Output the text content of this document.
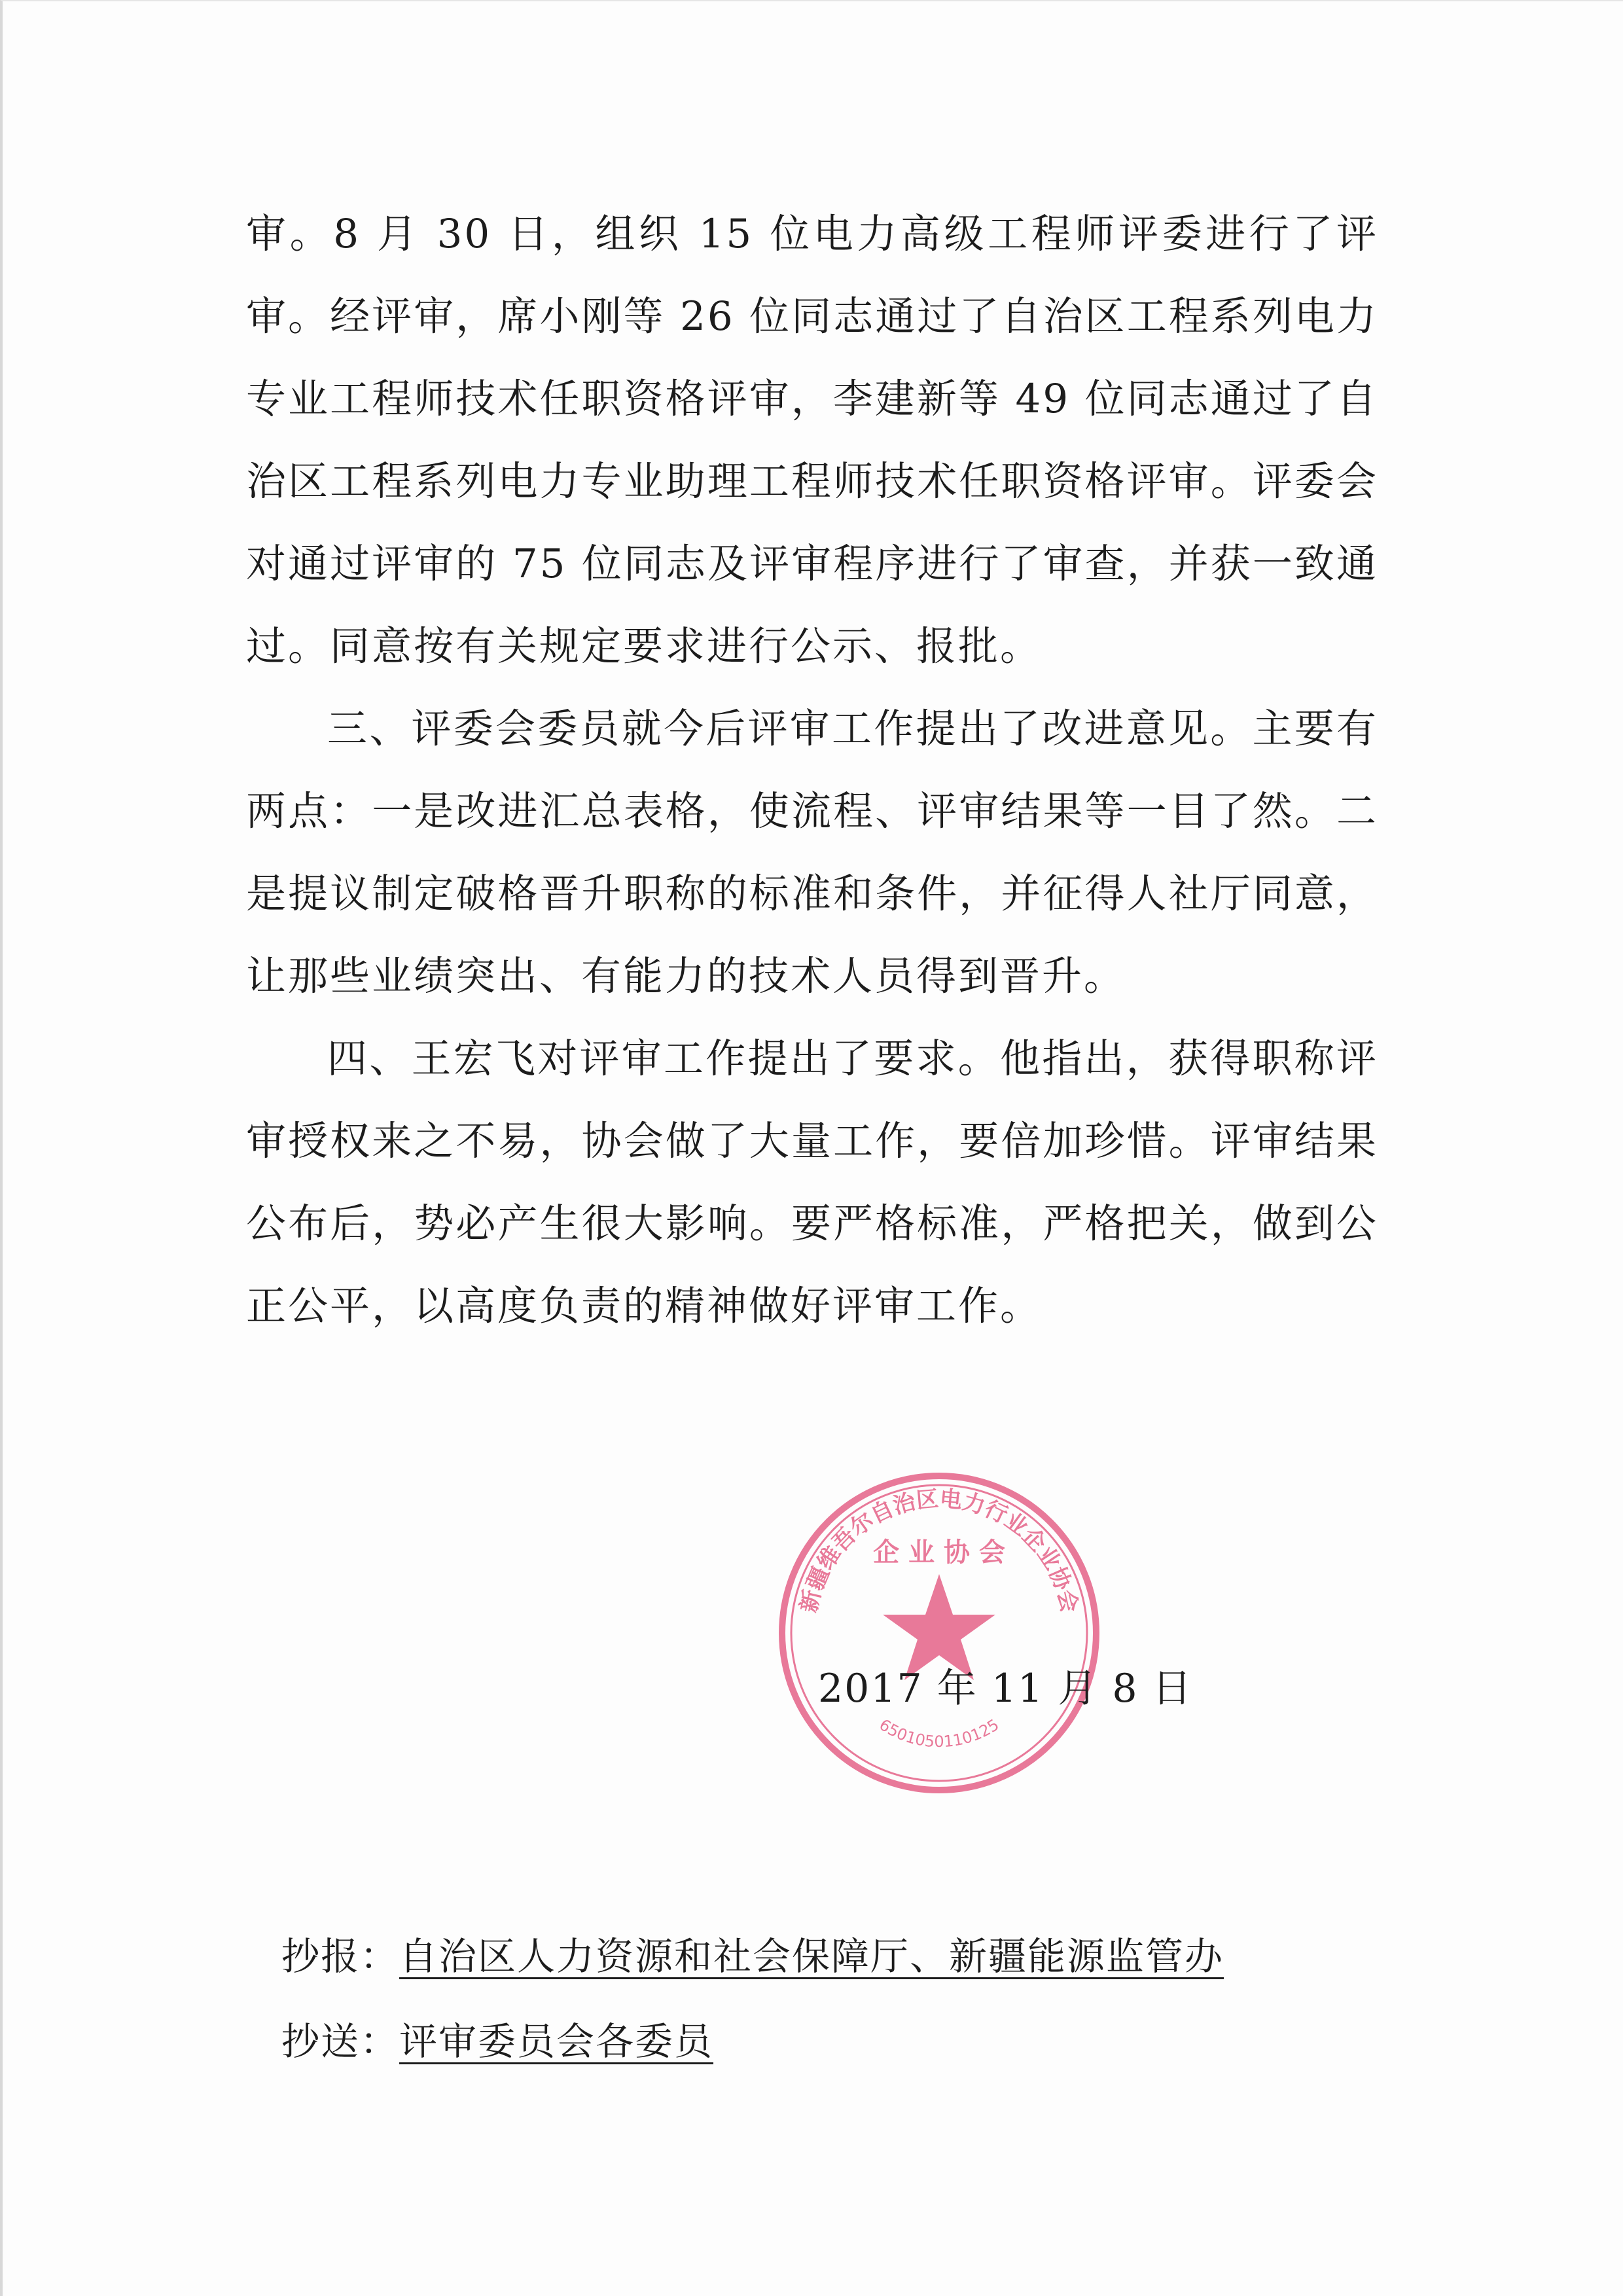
审。8 月 30 日，组织 15 位电力高级工程师评委进行了评审。经评审，席小刚等 26 位同志通过了自治区工程系列电力专业工程师技术任职资格评审，李建新等 49 位同志通过了自治区工程系列电力专业助理工程师技术任职资格评审。评委会对通过评审的 75 位同志及评审程序进行了审查，并获一致通过。同意按有关规定要求进行公示、报批。

三、评委会委员就今后评审工作提出了改进意见。主要有两点：一是改进汇总表格，使流程、评审结果等一目了然。二是提议制定破格晋升职称的标准和条件，并征得人社厅同意，让那些业绩突出、有能力的技术人员得到晋升。

四、王宏飞对评审工作提出了要求。他指出，获得职称评审授权来之不易，协会做了大量工作，要倍加珍惜。评审结果公布后，势必产生很大影响。要严格标准，严格把关，做到公正公平，以高度负责的精神做好评审工作。

新疆维吾尔自治区电力行业企业协会
企 业 协 会
6501050110125
2017 年 11 月 8 日
抄报：自治区人力资源和社会保障厅、新疆能源监管办
抄送：评审委员会各委员
